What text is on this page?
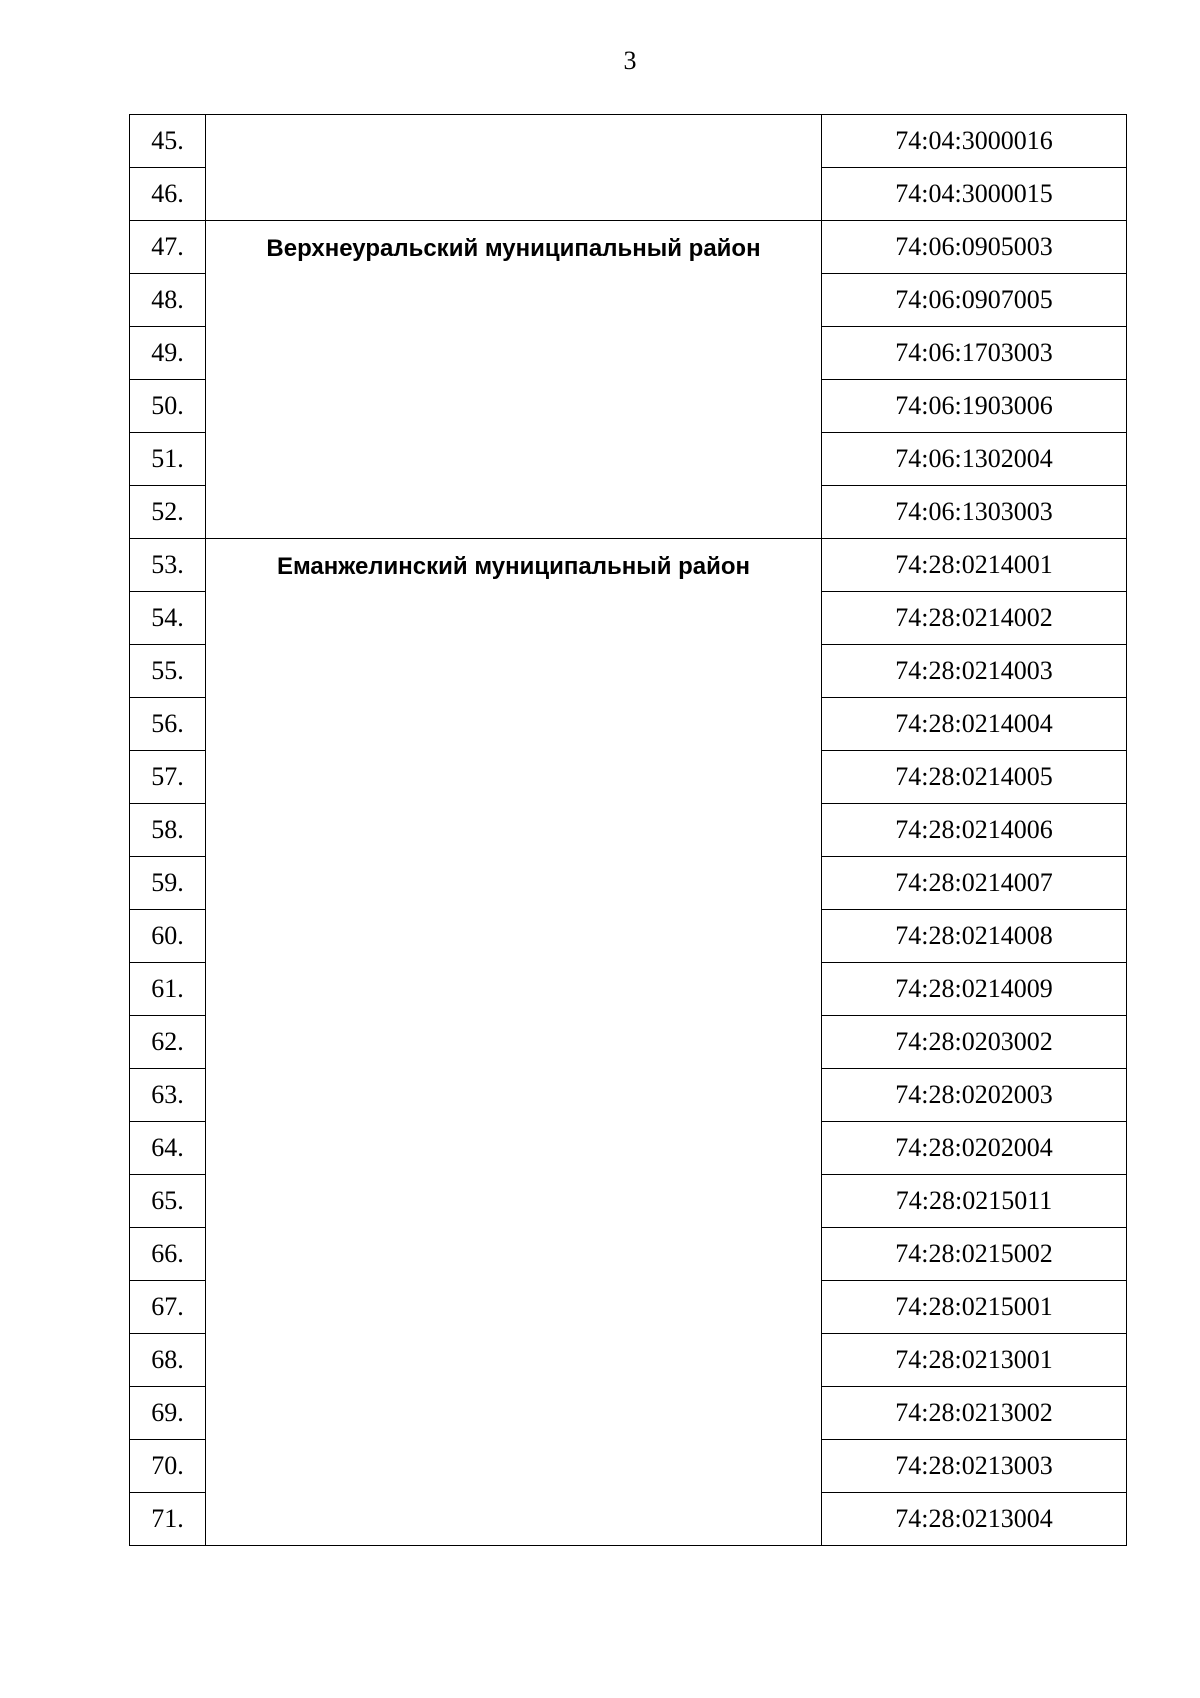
3
45.		74:04:3000016
46.		74:04:3000015
47.	Верхнеуральский муниципальный район	74:06:0905003
48.		74:06:0907005
49.		74:06:1703003
50.		74:06:1903006
51.		74:06:1302004
52.		74:06:1303003
53.	Еманжелинский муниципальный район	74:28:0214001
54.		74:28:0214002
55.		74:28:0214003
56.		74:28:0214004
57.		74:28:0214005
58.		74:28:0214006
59.		74:28:0214007
60.		74:28:0214008
61.		74:28:0214009
62.		74:28:0203002
63.		74:28:0202003
64.		74:28:0202004
65.		74:28:0215011
66.		74:28:0215002
67.		74:28:0215001
68.		74:28:0213001
69.		74:28:0213002
70.		74:28:0213003
71.		74:28:0213004
